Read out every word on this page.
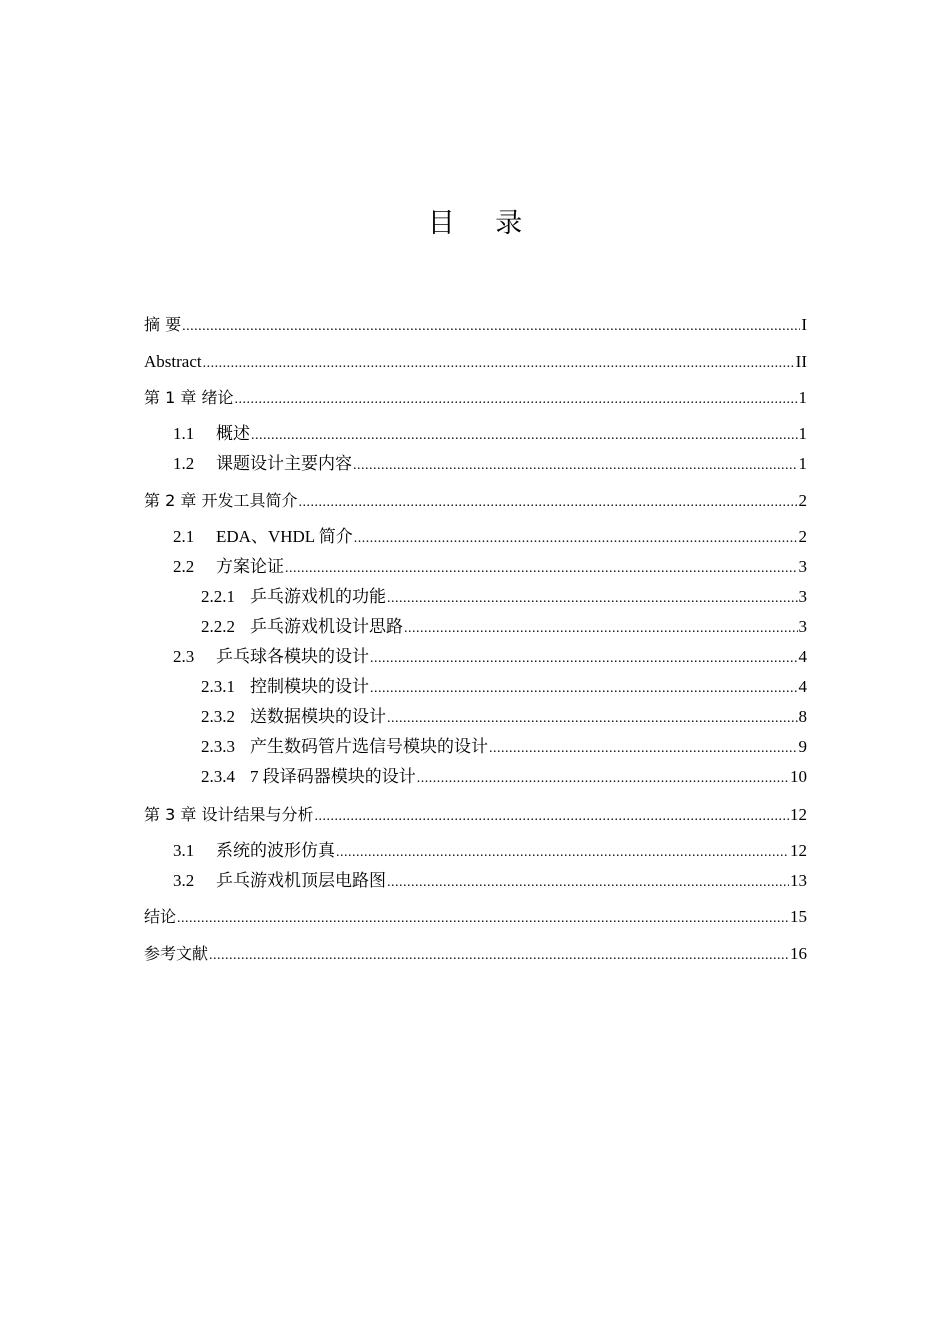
目 录
摘 要 .....	I
Abstract .....	II
第 1 章 绪论 .....	1
1.1	概述 .....	1
1.2	课题设计主要内容 .....	1
第 2 章 开发工具简介 .....	2
2.1	EDA、VHDL 简介 .....	2
2.2	方案论证 .....	3
2.2.1 乒乓游戏机的功能 .....	3
2.2.2 乒乓游戏机设计思路 .....	3
2.3	乒乓球各模块的设计 .....	4
2.3.1 控制模块的设计 .....	4
2.3.2 送数据模块的设计 .....	8
2.3.3 产生数码管片选信号模块的设计 .....	9
2.3.4 7 段译码器模块的设计 .....	10
第 3 章 设计结果与分析 .....	12
3.1	系统的波形仿真 .....	12
3.2	乒乓游戏机顶层电路图 .....	13
结论 .....	15
参考文献 .....	16
